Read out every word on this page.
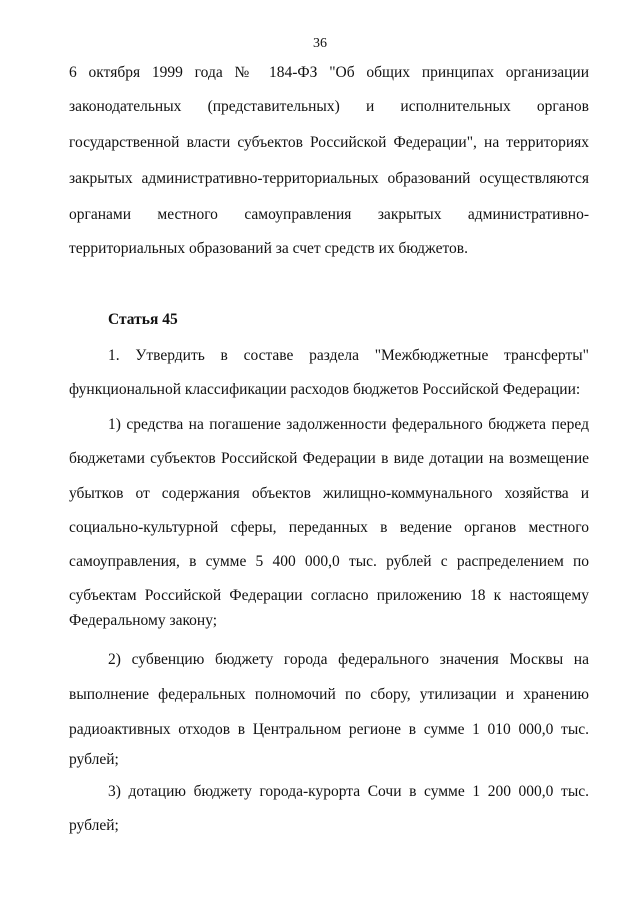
36
6 октября 1999 года № 184-ФЗ "Об общих принципах организации
законодательных (представительных) и исполнительных органов
государственной власти субъектов Российской Федерации", на территориях
закрытых административно-территориальных образований осуществляются
органами местного самоуправления закрытых административно-
территориальных образований за счет средств их бюджетов.
Статья 45
1. Утвердить в составе раздела "Межбюджетные трансферты"
функциональной классификации расходов бюджетов Российской Федерации:
1) средства на погашение задолженности федерального бюджета перед
бюджетами субъектов Российской Федерации в виде дотации на возмещение
убытков от содержания объектов жилищно-коммунального хозяйства и
социально-культурной сферы, переданных в ведение органов местного
самоуправления, в сумме 5 400 000,0 тыс. рублей с распределением по
субъектам Российской Федерации согласно приложению 18 к настоящему
Федеральному закону;
2) субвенцию бюджету города федерального значения Москвы на
выполнение федеральных полномочий по сбору, утилизации и хранению
радиоактивных отходов в Центральном регионе в сумме 1 010 000,0 тыс.
рублей;
3) дотацию бюджету города-курорта Сочи в сумме 1 200 000,0 тыс.
рублей;
